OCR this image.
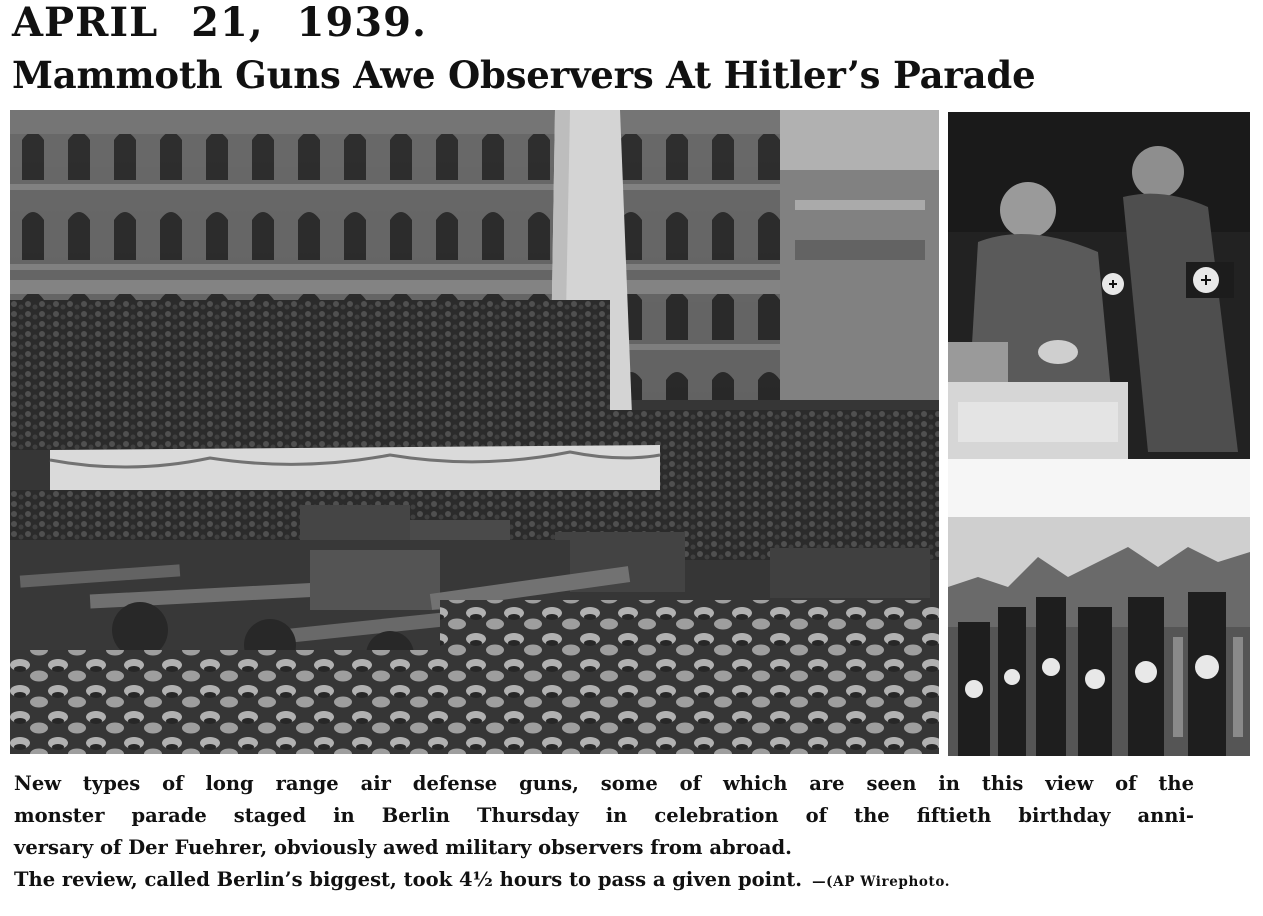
APRIL 21, 1939.
Mammoth Guns Awe Observers At Hitler’s Parade
New types of long range air defense guns, some of which are seen in this view of the
monster parade staged in Berlin Thursday in celebration of the fiftieth birthday anni-
versary of Der Fuehrer, obviously awed military observers from abroad.
The review, called Berlin’s biggest, took 4½ hours to pass a given point. —(AP Wirephoto.
